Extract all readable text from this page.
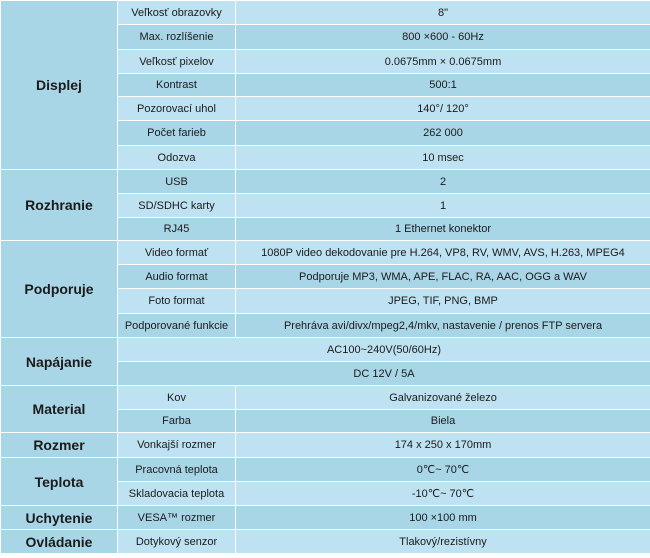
Displej	Veľkosť obrazovky	8"
	Max. rozlíšenie	800 ×600 - 60Hz
	Veľkosť pixelov	0.0675mm × 0.0675mm
	Kontrast	500:1
	Pozorovací uhol	140°/ 120°
	Počet farieb	262 000
	Odozva	10 msec
Rozhranie	USB	2
	SD/SDHC karty	1
	RJ45	1 Ethernet konektor
Podporuje	Video formať	1080P video dekodovanie pre H.264, VP8, RV, WMV, AVS, H.263, MPEG4
	Audio format	Podporuje MP3, WMA, APE, FLAC, RA, AAC, OGG a WAV
	Foto format	JPEG, TIF, PNG, BMP
	Podporované funkcie	Prehráva avi/divx/mpeg2,4/mkv, nastavenie / prenos FTP servera
Napájanie	AC100~240V(50/60Hz)	
	DC 12V / 5A	
Material	Kov	Galvanizované železo
	Farba	Biela
Rozmer	Vonkajší rozmer	174 x 250 x 170mm
Teplota	Pracovná teplota	0℃~ 70℃
	Skladovacia teplota	-10℃~ 70℃
Uchytenie	VESA™ rozmer	100 ×100 mm
Ovládanie	Dotykový senzor	Tlakový/rezistívny
